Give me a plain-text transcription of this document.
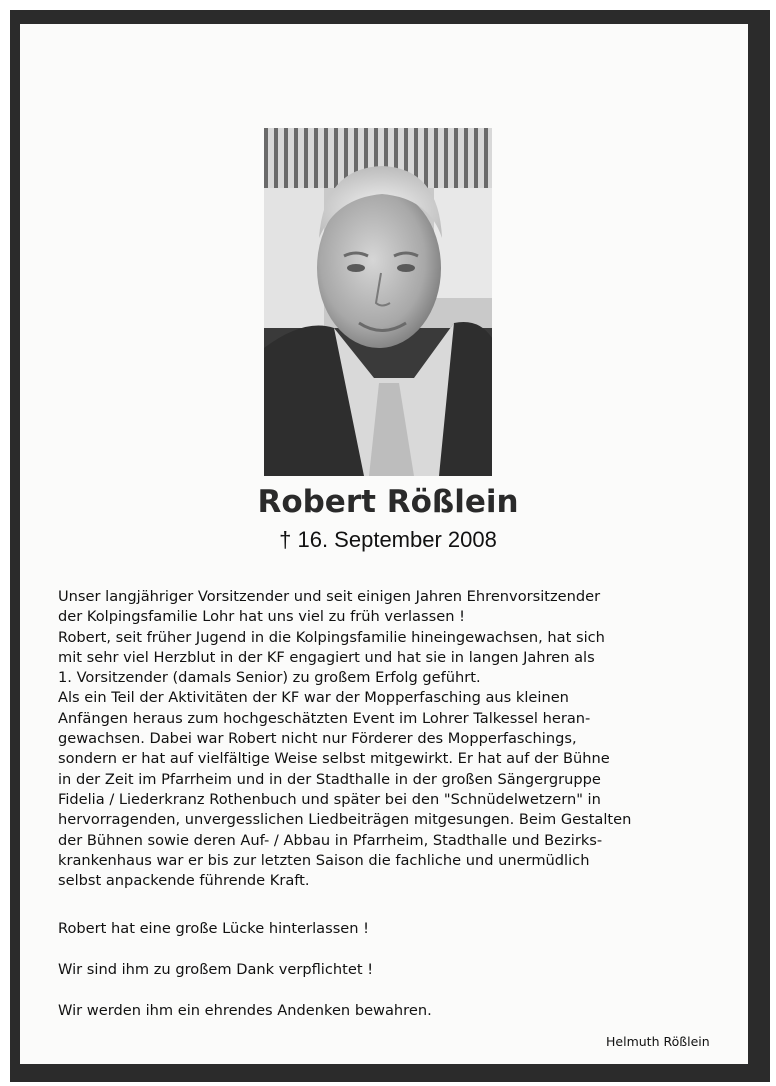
Robert Rößlein
† 16. September 2008
Unser langjähriger Vorsitzender und seit einigen Jahren Ehrenvorsitzender
der Kolpingsfamilie Lohr hat uns viel zu früh verlassen !
Robert, seit früher Jugend in die Kolpingsfamilie hineingewachsen, hat sich
mit sehr viel Herzblut in der KF engagiert und hat sie in langen Jahren als
1. Vorsitzender (damals Senior) zu großem Erfolg geführt.
Als ein Teil der Aktivitäten der KF war der Mopperfasching aus kleinen
Anfängen heraus zum hochgeschätzten Event im Lohrer Talkessel heran-
gewachsen. Dabei war Robert nicht nur Förderer des Mopperfaschings,
sondern er hat auf vielfältige Weise selbst mitgewirkt. Er hat auf der Bühne
in der Zeit im Pfarrheim und in der Stadthalle in der großen Sängergruppe
Fidelia / Liederkranz Rothenbuch und später bei den "Schnüdelwetzern" in
hervorragenden, unvergesslichen Liedbeiträgen mitgesungen. Beim Gestalten
der Bühnen sowie deren Auf- / Abbau in Pfarrheim, Stadthalle und Bezirks-
krankenhaus war er bis zur letzten Saison die fachliche und unermüdlich
selbst anpackende führende Kraft.
Robert hat eine große Lücke hinterlassen !
Wir sind ihm zu großem Dank verpflichtet !
Wir werden ihm ein ehrendes Andenken bewahren.
Helmuth Rößlein
